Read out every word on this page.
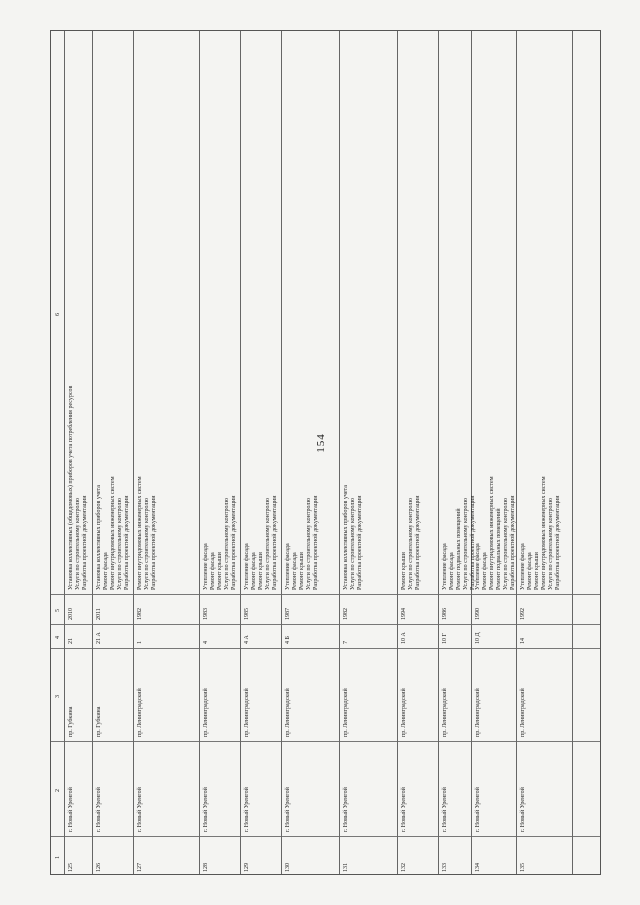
154
1
2
3
4
5
6
125
г. Новый Уренгой
пр. Губкина
21
2010
Установка коллективных (общедомовых) приборов учета потребления ресурсов Услуги по строительному контролю Разработка проектной документации
126
г. Новый Уренгой
пр. Губкина
21 А
2011
Установка коллективных приборов учета Ремонт фасада Ремонт внутридомовых инженерных систем Услуги по строительному контролю Разработка проектной документации
127
г. Новый Уренгой
пр. Ленинградский
1
1982
Ремонт внутридомовых инженерных систем Услуги по строительному контролю Разработка проектной документации
128
г. Новый Уренгой
пр. Ленинградский
4
1983
Утепление фасада Ремонт фасада Ремонт крыши Услуги по строительному контролю Разработка проектной документации
129
г. Новый Уренгой
пр. Ленинградский
4 А
1985
Утепление фасада Ремонт фасада Ремонт крыши Услуги по строительному контролю Разработка проектной документации
130
г. Новый Уренгой
пр. Ленинградский
4 Б
1987
Утепление фасада Ремонт фасада Ремонт крыши Услуги по строительному контролю Разработка проектной документации
131
г. Новый Уренгой
пр. Ленинградский
7
1982
Установка коллективных приборов учета Услуги по строительному контролю Разработка проектной документации
132
г. Новый Уренгой
пр. Ленинградский
10 А
1994
Ремонт крыши Услуги по строительному контролю Разработка проектной документации
133
г. Новый Уренгой
пр. Ленинградский
10 Г
1986
Утепление фасада Ремонт фасада Ремонт подвальных помещений Услуги по строительному контролю Разработка проектной документации
134
г. Новый Уренгой
пр. Ленинградский
10 Д
1990
Утепление фасада Ремонт фасада Ремонт внутридомовых инженерных систем Ремонт подвальных помещений Услуги по строительному контролю Разработка проектной документации
135
г. Новый Уренгой
пр. Ленинградский
14
1992
Утепление фасада Ремонт фасада Ремонт крыши Ремонт внутридомовых инженерных систем Услуги по строительному контролю Разработка проектной документации
